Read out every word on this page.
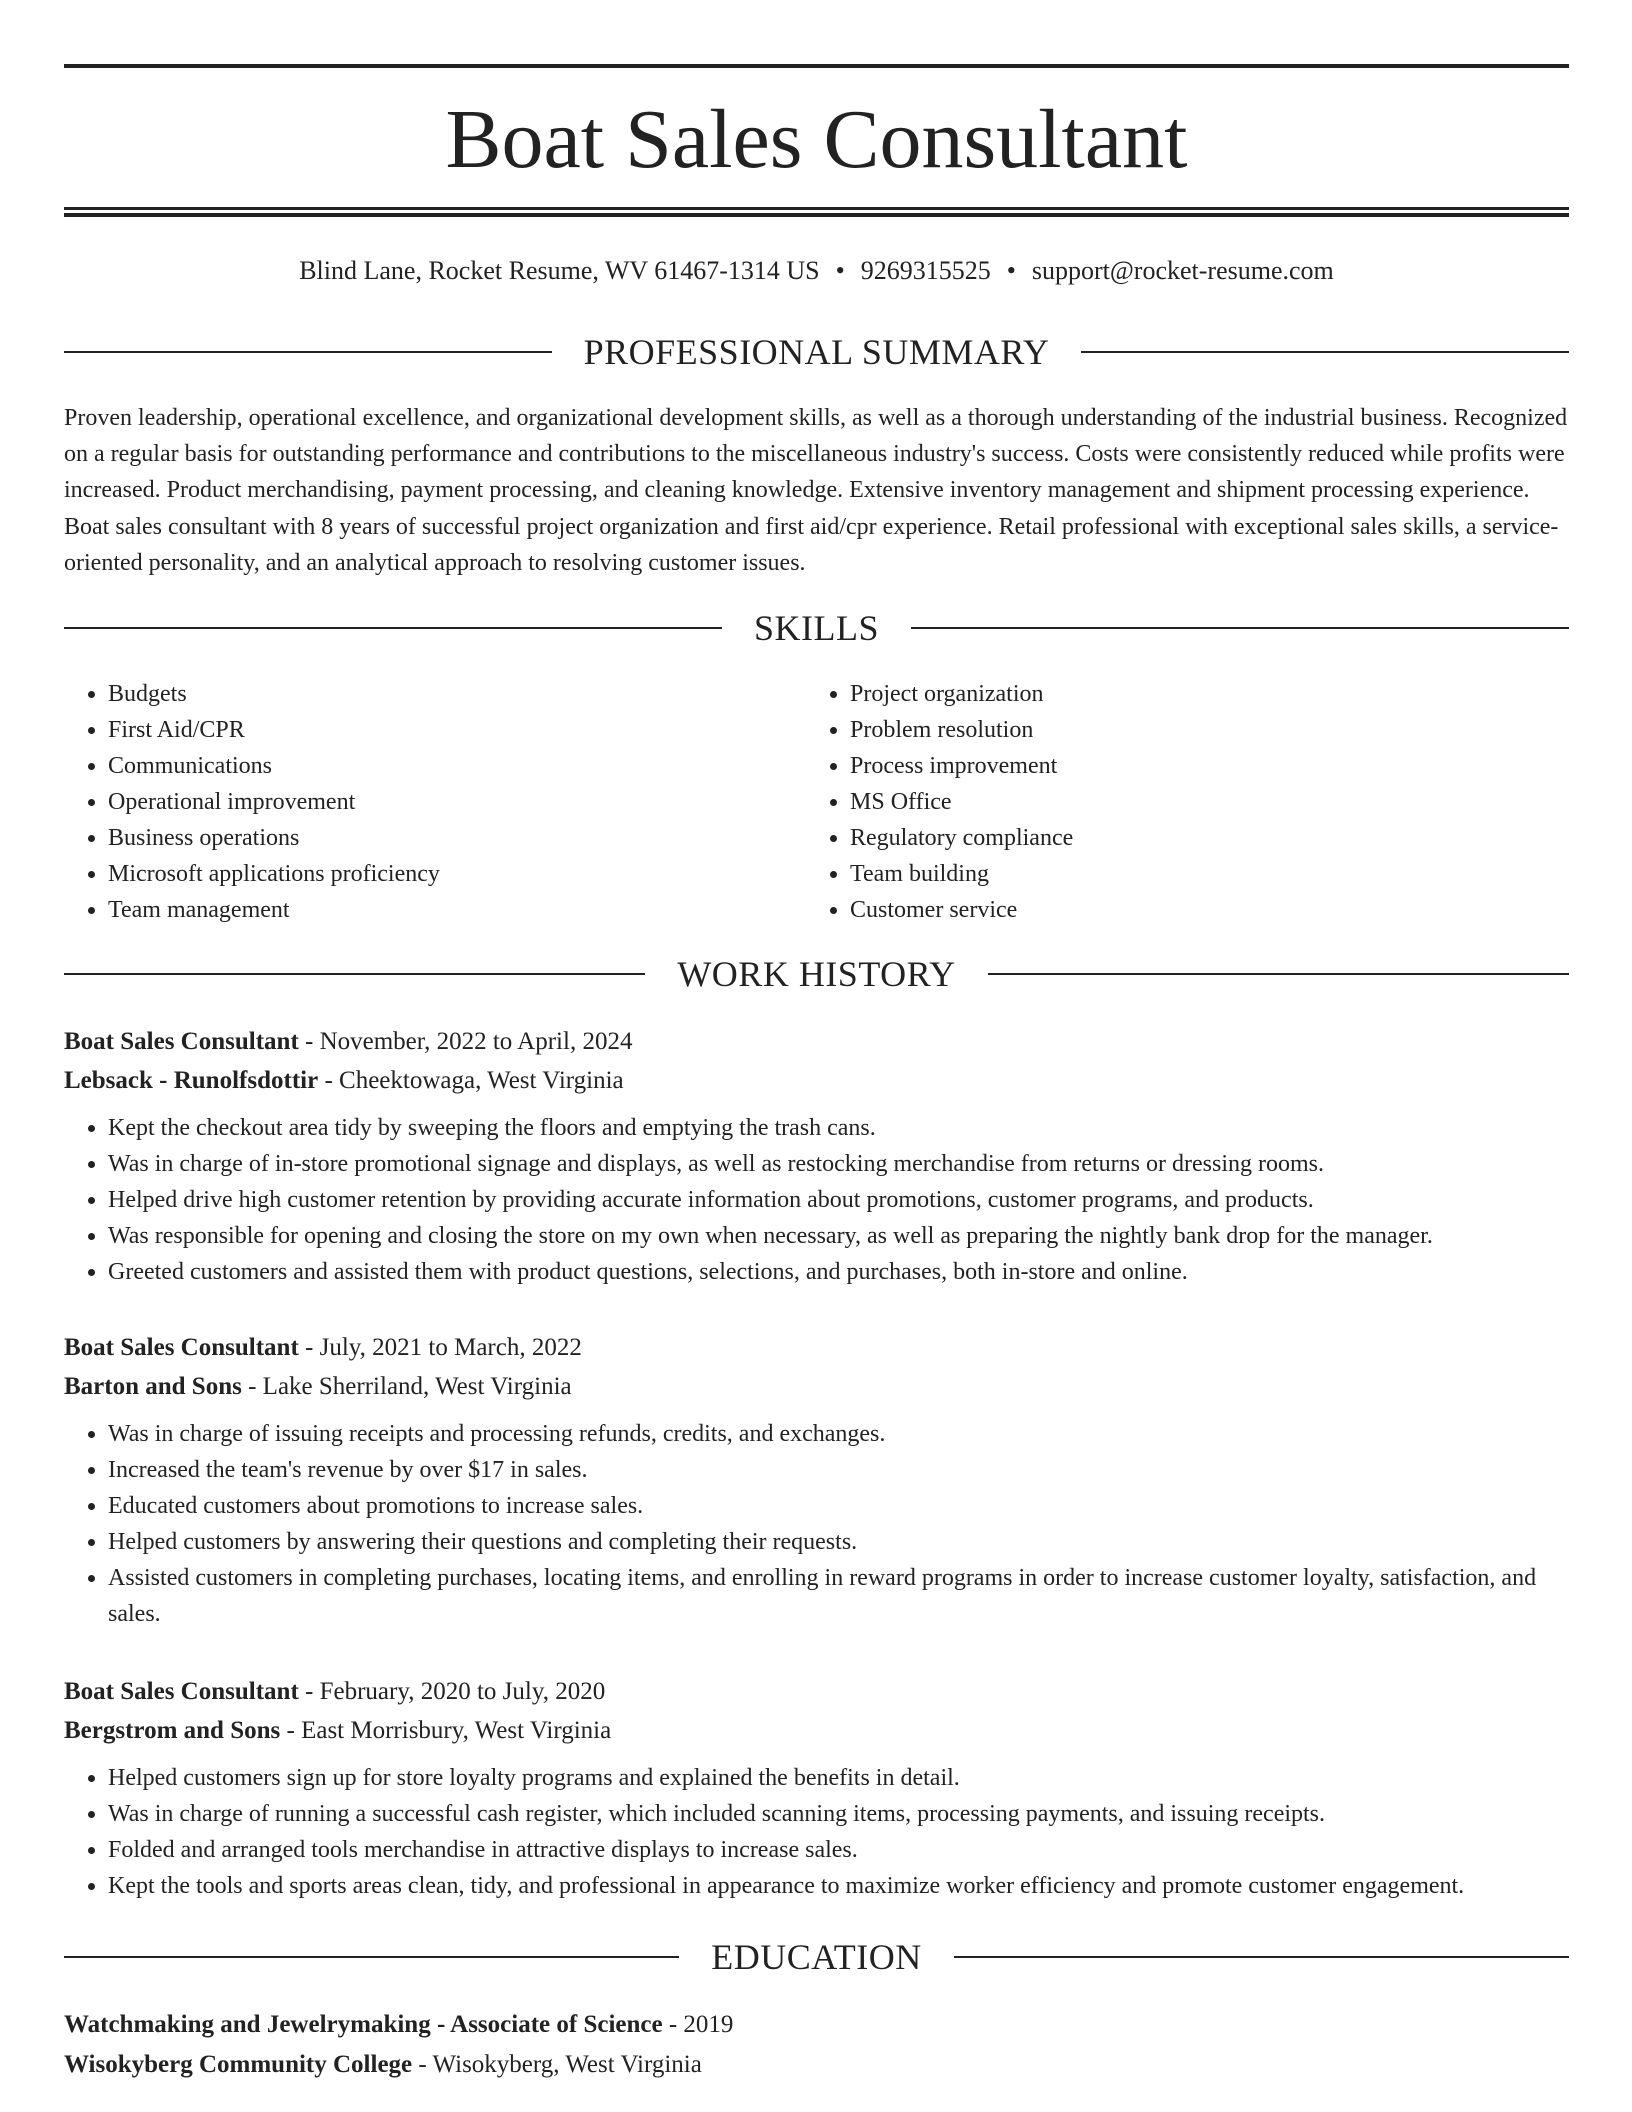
Boat Sales Consultant
Blind Lane, Rocket Resume, WV 61467-1314 US • 9269315525 • support@rocket-resume.com
PROFESSIONAL SUMMARY

Proven leadership, operational excellence, and organizational development skills, as well as a thorough understanding of the industrial business. Recognized on a regular basis for outstanding performance and contributions to the miscellaneous industry's success. Costs were consistently reduced while profits were increased. Product merchandising, payment processing, and cleaning knowledge. Extensive inventory management and shipment processing experience. Boat sales consultant with 8 years of successful project organization and first aid/cpr experience. Retail professional with exceptional sales skills, a service-oriented personality, and an analytical approach to resolving customer issues.

SKILLS
• Budgets
• First Aid/CPR
• Communications
• Operational improvement
• Business operations
• Microsoft applications proficiency
• Team management
• Project organization
• Problem resolution
• Process improvement
• MS Office
• Regulatory compliance
• Team building
• Customer service
WORK HISTORY

Boat Sales Consultant - November, 2022 to April, 2024

Lebsack - Runolfsdottir - Cheektowaga, West Virginia

• Kept the checkout area tidy by sweeping the floors and emptying the trash cans.
• Was in charge of in-store promotional signage and displays, as well as restocking merchandise from returns or dressing rooms.
• Helped drive high customer retention by providing accurate information about promotions, customer programs, and products.
• Was responsible for opening and closing the store on my own when necessary, as well as preparing the nightly bank drop for the manager.
• Greeted customers and assisted them with product questions, selections, and purchases, both in-store and online.

Boat Sales Consultant - July, 2021 to March, 2022

Barton and Sons - Lake Sherriland, West Virginia

• Was in charge of issuing receipts and processing refunds, credits, and exchanges.
• Increased the team's revenue by over $17 in sales.
• Educated customers about promotions to increase sales.
• Helped customers by answering their questions and completing their requests.
• Assisted customers in completing purchases, locating items, and enrolling in reward programs in order to increase customer loyalty, satisfaction, and sales.

Boat Sales Consultant - February, 2020 to July, 2020

Bergstrom and Sons - East Morrisbury, West Virginia

• Helped customers sign up for store loyalty programs and explained the benefits in detail.
• Was in charge of running a successful cash register, which included scanning items, processing payments, and issuing receipts.
• Folded and arranged tools merchandise in attractive displays to increase sales.
• Kept the tools and sports areas clean, tidy, and professional in appearance to maximize worker efficiency and promote customer engagement.
EDUCATION

Watchmaking and Jewelrymaking - Associate of Science - 2019

Wisokyberg Community College - Wisokyberg, West Virginia
